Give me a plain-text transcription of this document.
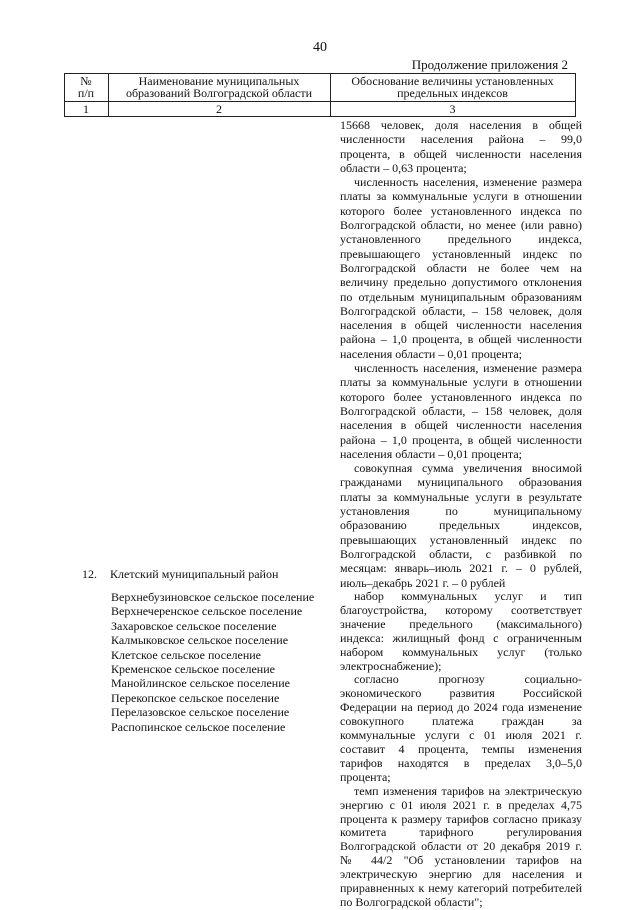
40
Продолжение приложения 2
№
п/п
Наименование муниципальных
образований Волгоградской области
Обоснование величины установленных
предельных индексов
1	2	3

15668 человек, доля населения в общей численности населения района – 99,0 процента, в общей численности населения области – 0,63 процента;

численность населения, изменение размера платы за коммунальные услуги в отношении которого более установленного индекса по Волгоградской области, но менее (или равно) установленного предельного индекса, превышающего установленный индекс по Волгоградской области не более чем на величину предельно допустимого отклонения по отдельным муниципальным образованиям Волгоградской области, – 158 человек, доля населения в общей численности населения района – 1,0 процента, в общей численности населения области – 0,01 процента;

численность населения, изменение размера платы за коммунальные услуги в отношении которого более установленного индекса по Волгоградской области, – 158 человек, доля населения в общей численности населения района – 1,0 процента, в общей численности населения области – 0,01 процента;

совокупная сумма увеличения вносимой гражданами муниципального образования платы за коммунальные услуги в результате установления по муниципальному образованию предельных индексов, превышающих установленный индекс по Волгоградской области, с разбивкой по месяцам: январь–июль 2021 г. – 0 рублей, июль–декабрь 2021 г. – 0 рублей

12. Клетский муниципальный район
Верхнебузиновское сельское поселение
Верхнечеренское сельское поселение
Захаровское сельское поселение
Калмыковское сельское поселение
Клетское сельское поселение
Кременское сельское поселение
Манойлинское сельское поселение
Перекопское сельское поселение
Перелазовское сельское поселение
Распопинское сельское поселение

набор коммунальных услуг и тип благоустройства, которому соответствует значение предельного (максимального) индекса: жилищный фонд с ограниченным набором коммунальных услуг (только электроснабжение);

согласно прогнозу социально-экономического развития Российской Федерации на период до 2024 года изменение совокупного платежа граждан за коммунальные услуги с 01 июля 2021 г. составит 4 процента, темпы изменения тарифов находятся в пределах 3,0–5,0 процента;

темп изменения тарифов на электрическую энергию с 01 июля 2021 г. в пределах 4,75 процента к размеру тарифов согласно приказу комитета тарифного регулирования Волгоградской области от 20 декабря 2019 г. № 44/2 "Об установлении тарифов на электрическую энергию для населения и приравненных к нему категорий потребителей по Волгоградской области";
